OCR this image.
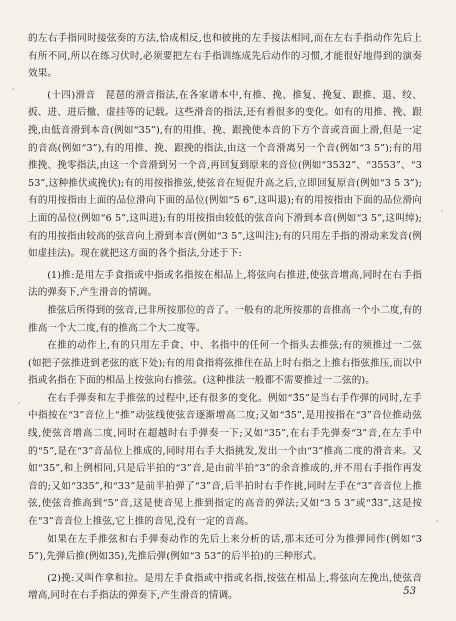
的左右手指同时接弦奏的方法,恰成相反,也和披挑的左手接法相同,而在左右手指动作先后上有所不同,所以在练习伏时,必须要把左右手指训练成先后动作的习惯,才能很好地得到的演奏效果。

(十四)滑音　琵琶的滑音指法,在各家谱本中,有推、挽、推复、挽复、跟推、退、绞、扳、进、进后撤、虚挂等的记载。这些滑音的指法,还有着很多的变化。如有的用推、挽、跟挽,由低音滑到本音(例如“35”),有的用推、挽、跟挽使本音的下方个音或音面上滑,但是一定的音高(例如“3”),有的用推、挽、跟挽的指法,由这一个音滑离另一个音(例如“3 5”);有的用推挽、挽零指法,由这一个音滑到另一个音,再回复到原来的音位(例如“3532”、“3553”、“353”,这种推伏或挽伏);有的用按指推弦,使弦音在短促升高之后,立即回复原音(例如“3 5 3”);有的用按指由上面的品位滑向下面的品位(例如“5 6”,这叫退);有的用按指由下面的品位滑向上面的品位(例如“6 5”,这叫进);有的用按指由较低的弦音向下滑到本音(例如“3 5”,这叫绰);有的用按指由较高的弦音向上滑到本音(例如“3 5”,这叫注);有的只用左手指的滑动来发音(例如虚挂法)。现在就把这方面的各个指法,分述于下:

(1)推:是用左手食指或中指或名指按在相品上,将弦向右推进,使弦音增高,同时在右手指法的弹奏下,产生滑音的情调。

推弦后所得到的弦音,已非所按那位的音了。一般有的北所按那的音推高一个小二度,有的推高一个大二度,有的推高二个大二度等。

在推的动作上,有的只用左手食、中、名指中的任何一个指头去推弦;有的须推过一二弦(如把子弦推进到老弦的底下处);有的用食指将弦推住在品上时右指之上推右指弦推压,而以中指或名指在下面的相品上按弦向右推弦。(这种推法一般都不需要推过一二弦的)。

在右手弹奏和左手推弦的过程中,还有很多的变化。例如“3̂5”是当右手作弹的同时,左手中指按在“3”音位上“推”动弦线使弦音逐渐增高二度;又如“3̂5”,是用按指在“3”音位推动弦线,使弦音增高二度,同时在超越时右手弹奏一下;又如“35”,在右手先弹奏“3”音,在左手中的“5”,是在“3”音品位上推成的,同时用右手大指挑发,发出一个由“3”推高二度的滑音来。又如“35”,和上例相同,只是后半拍的“3”音,是由前半拍“3”的余音推成的,并不用右手指作再发音的;又如“335”,和“33”是前半拍弹了“3”音,后半拍时右手作挑,同时左手在“3”音音位上推弦,使弦音推高到“5”音,这是使音见上推到指定的高音的弹法;又如“3 5 3”或“3̂3”,这是按在“3”音音位上推弦,它上推的音见,没有一定的音高。

如果在左手推弦和右手弹奏动作的先后上来分析的话,那末还可分为推弹同作(例如“35”),先弹后推(例如35),先推后弹(例如“3 53”的后半拍)的三种形式。

(2)挽:又叫作拿和拉。是用左手食指或中指或名指,按弦在相品上,将弦向左挽出,使弦音增高,同时在右手指法的弹奏下,产生滑音的情调。	53
